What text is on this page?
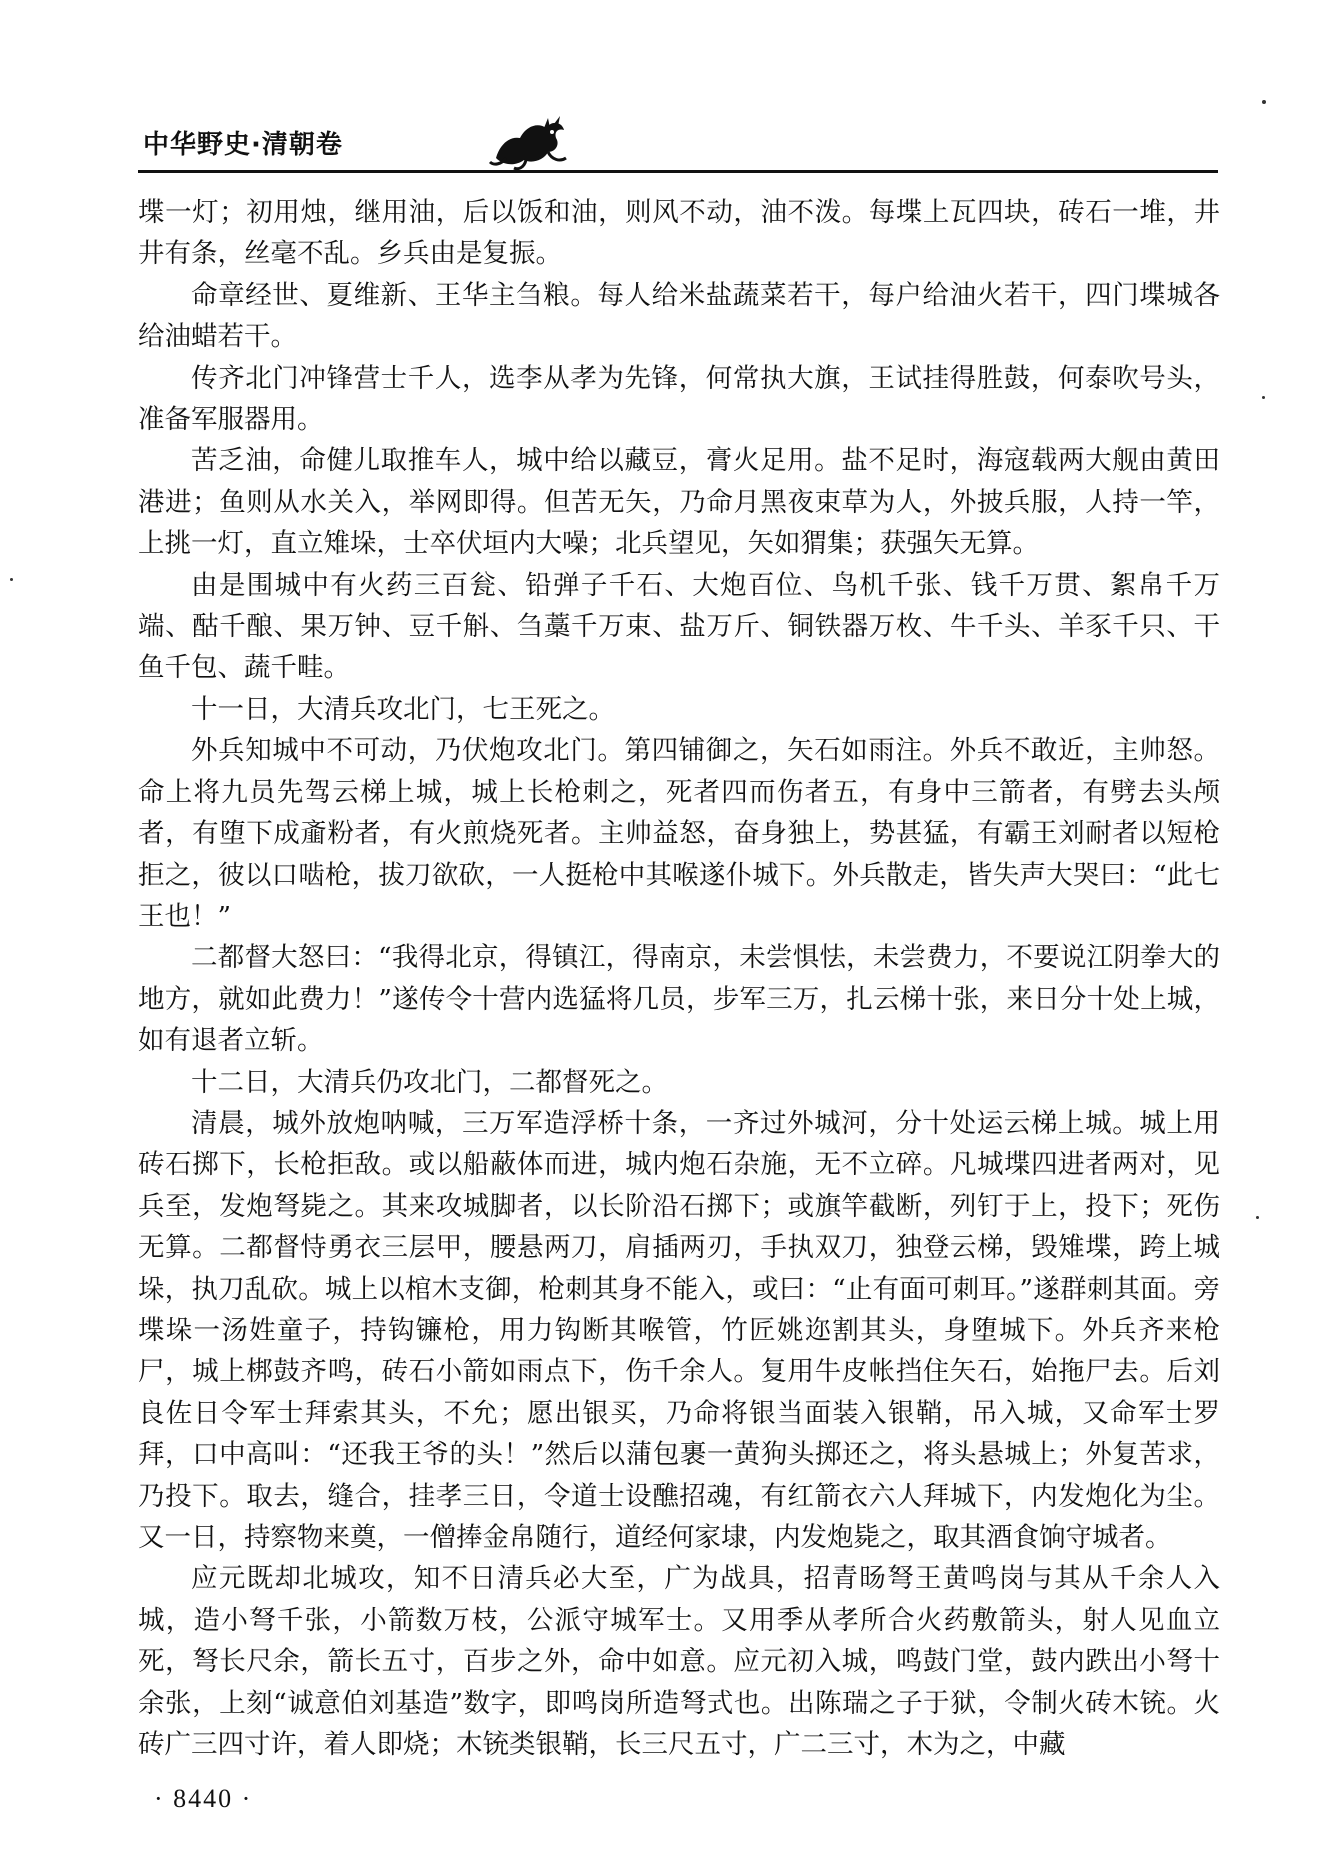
中华野史·清朝卷

堞一灯；初用烛，继用油，后以饭和油，则风不动，油不泼。每堞上瓦四块，砖石一堆，井井有条，丝毫不乱。乡兵由是复振。

命章经世、夏维新、王华主刍粮。每人给米盐蔬菜若干，每户给油火若干，四门堞城各给油蜡若干。

传齐北门冲锋营士千人，选李从孝为先锋，何常执大旗，王试挂得胜鼓，何泰吹号头，准备军服器用。

苦乏油，命健儿取推车人，城中给以藏豆，膏火足用。盐不足时，海寇载两大舰由黄田港进；鱼则从水关入，举网即得。但苦无矢，乃命月黑夜束草为人，外披兵服，人持一竿，上挑一灯，直立雉垛，士卒伏垣内大噪；北兵望见，矢如猬集；获强矢无算。

由是围城中有火药三百瓮、铅弹子千石、大炮百位、鸟机千张、钱千万贯、絮帛千万端、酤千酿、果万钟、豆千斛、刍藁千万束、盐万斤、铜铁器万枚、牛千头、羊豕千只、干鱼千包、蔬千畦。

十一日，大清兵攻北门，七王死之。

外兵知城中不可动，乃伏炮攻北门。第四铺御之，矢石如雨注。外兵不敢近，主帅怒。命上将九员先驾云梯上城，城上长枪刺之，死者四而伤者五，有身中三箭者，有劈去头颅者，有堕下成齑粉者，有火煎烧死者。主帅益怒，奋身独上，势甚猛，有霸王刘耐者以短枪拒之，彼以口啮枪，拔刀欲砍，一人挺枪中其喉遂仆城下。外兵散走，皆失声大哭曰：“此七王也！”

二都督大怒曰：“我得北京，得镇江，得南京，未尝惧怯，未尝费力，不要说江阴拳大的地方，就如此费力！”遂传令十营内选猛将几员，步军三万，扎云梯十张，来日分十处上城，如有退者立斩。

十二日，大清兵仍攻北门，二都督死之。

清晨，城外放炮呐喊，三万军造浮桥十条，一齐过外城河，分十处运云梯上城。城上用砖石掷下，长枪拒敌。或以船蔽体而进，城内炮石杂施，无不立碎。凡城堞四进者两对，见兵至，发炮弩毙之。其来攻城脚者，以长阶沿石掷下；或旗竿截断，列钉于上，投下；死伤无算。二都督恃勇衣三层甲，腰悬两刀，肩插两刃，手执双刀，独登云梯，毁雉堞，跨上城垛，执刀乱砍。城上以棺木支御，枪刺其身不能入，或曰：“止有面可刺耳。”遂群刺其面。旁堞垛一汤姓童子，持钩镰枪，用力钩断其喉管，竹匠姚迩割其头，身堕城下。外兵齐来枪尸，城上梆鼓齐鸣，砖石小箭如雨点下，伤千余人。复用牛皮帐挡住矢石，始拖尸去。后刘良佐日令军士拜索其头，不允；愿出银买，乃命将银当面装入银鞘，吊入城，又命军士罗拜，口中高叫：“还我王爷的头！”然后以蒲包裹一黄狗头掷还之，将头悬城上；外复苦求，乃投下。取去，缝合，挂孝三日，令道士设醮招魂，有红箭衣六人拜城下，内发炮化为尘。又一日，持察物来奠，一僧捧金帛随行，道经何家埭，内发炮毙之，取其酒食饷守城者。

应元既却北城攻，知不日清兵必大至，广为战具，招青旸弩王黄鸣岗与其从千余人入城，造小弩千张，小箭数万枝，公派守城军士。又用季从孝所合火药敷箭头，射人见血立死，弩长尺余，箭长五寸，百步之外，命中如意。应元初入城，鸣鼓门堂，鼓内跌出小弩十余张，上刻“诚意伯刘基造”数字，即鸣岗所造弩式也。出陈瑞之子于狱，令制火砖木铳。火砖广三四寸许，着人即烧；木铳类银鞘，长三尺五寸，广二三寸，木为之，中藏

· 8440 ·
